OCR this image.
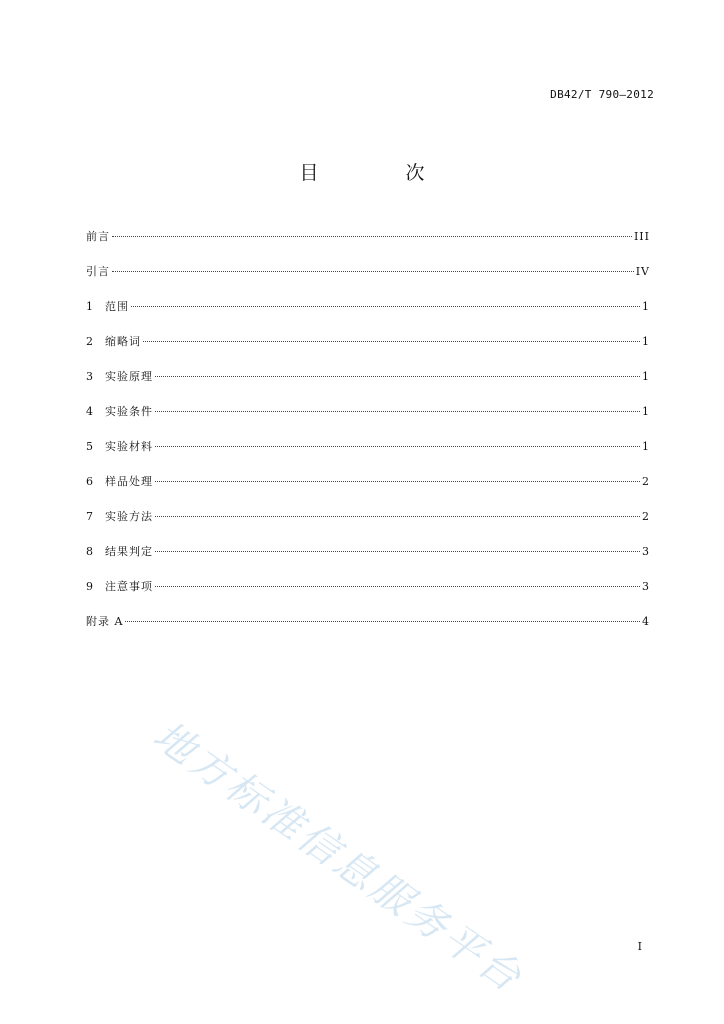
DB42/T 790—2012
目　次
前言	III
引言	IV
1	范围	1
2	缩略词	1
3	实验原理	1
4	实验条件	1
5	实验材料	1
6	样品处理	2
7	实验方法	2
8	结果判定	3
9	注意事项	3
附录 A	4
地方标准信息服务平台	I
